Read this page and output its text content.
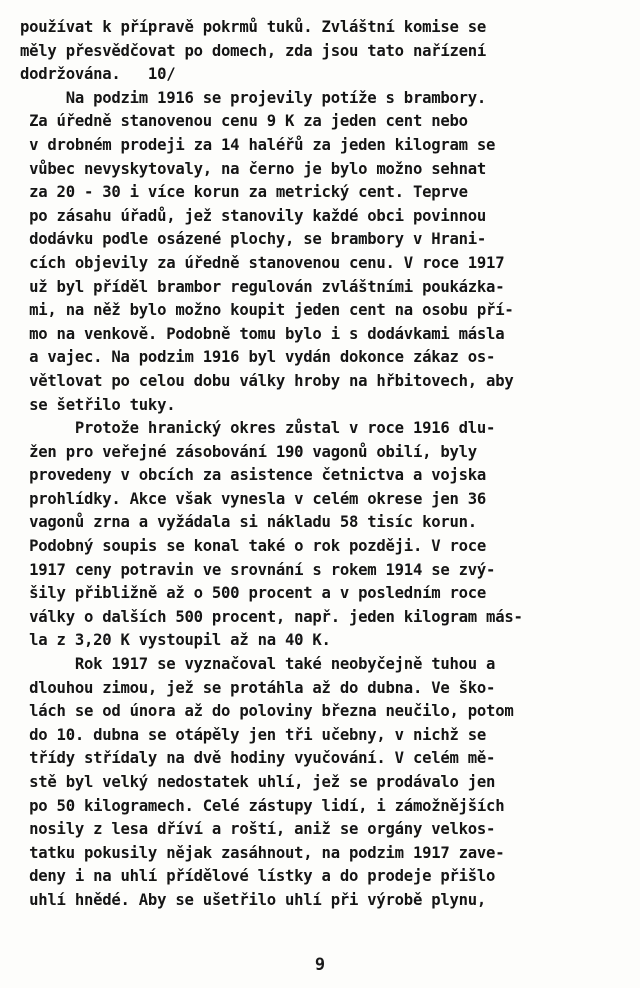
používat k přípravě pokrmů tuků. Zvláštní komise se
měly přesvědčovat po domech, zda jsou tato nařízení
dodržována.   10/
Na podzim 1916 se projevily potíže s brambory.
Za úředně stanovenou cenu 9 K za jeden cent nebo
v drobném prodeji za 14 haléřů za jeden kilogram se
vůbec nevyskytovaly, na černo je bylo možno sehnat
za 20 - 30 i více korun za metrický cent. Teprve
po zásahu úřadů, jež stanovily každé obci povinnou
dodávku podle osázené plochy, se brambory v Hrani-
cích objevily za úředně stanovenou cenu. V roce 1917
už byl příděl brambor regulován zvláštními poukázka-
mi, na něž bylo možno koupit jeden cent na osobu pří-
mo na venkově. Podobně tomu bylo i s dodávkami másla
a vajec. Na podzim 1916 byl vydán dokonce zákaz os-
větlovat po celou dobu války hroby na hřbitovech, aby
se šetřilo tuky.
Protože hranický okres zůstal v roce 1916 dlu-
žen pro veřejné zásobování 190 vagonů obilí, byly
provedeny v obcích za asistence četnictva a vojska
prohlídky. Akce však vynesla v celém okrese jen 36
vagonů zrna a vyžádala si nákladu 58 tisíc korun.
Podobný soupis se konal také o rok později. V roce
1917 ceny potravin ve srovnání s rokem 1914 se zvý-
šily přibližně až o 500 procent a v posledním roce
války o dalších 500 procent, např. jeden kilogram más-
la z 3,20 K vystoupil až na 40 K.
Rok 1917 se vyznačoval také neobyčejně tuhou a
dlouhou zimou, jež se protáhla až do dubna. Ve ško-
lách se od února až do poloviny března neučilo, potom
do 10. dubna se otápěly jen tři učebny, v nichž se
třídy střídaly na dvě hodiny vyučování. V celém mě-
stě byl velký nedostatek uhlí, jež se prodávalo jen
po 50 kilogramech. Celé zástupy lidí, i zámožnějších
nosily z lesa dříví a roští, aniž se orgány velkos-
tatku pokusily nějak zasáhnout, na podzim 1917 zave-
deny i na uhlí přídělové lístky a do prodeje přišlo
uhlí hnědé. Aby se ušetřilo uhlí při výrobě plynu,
9
